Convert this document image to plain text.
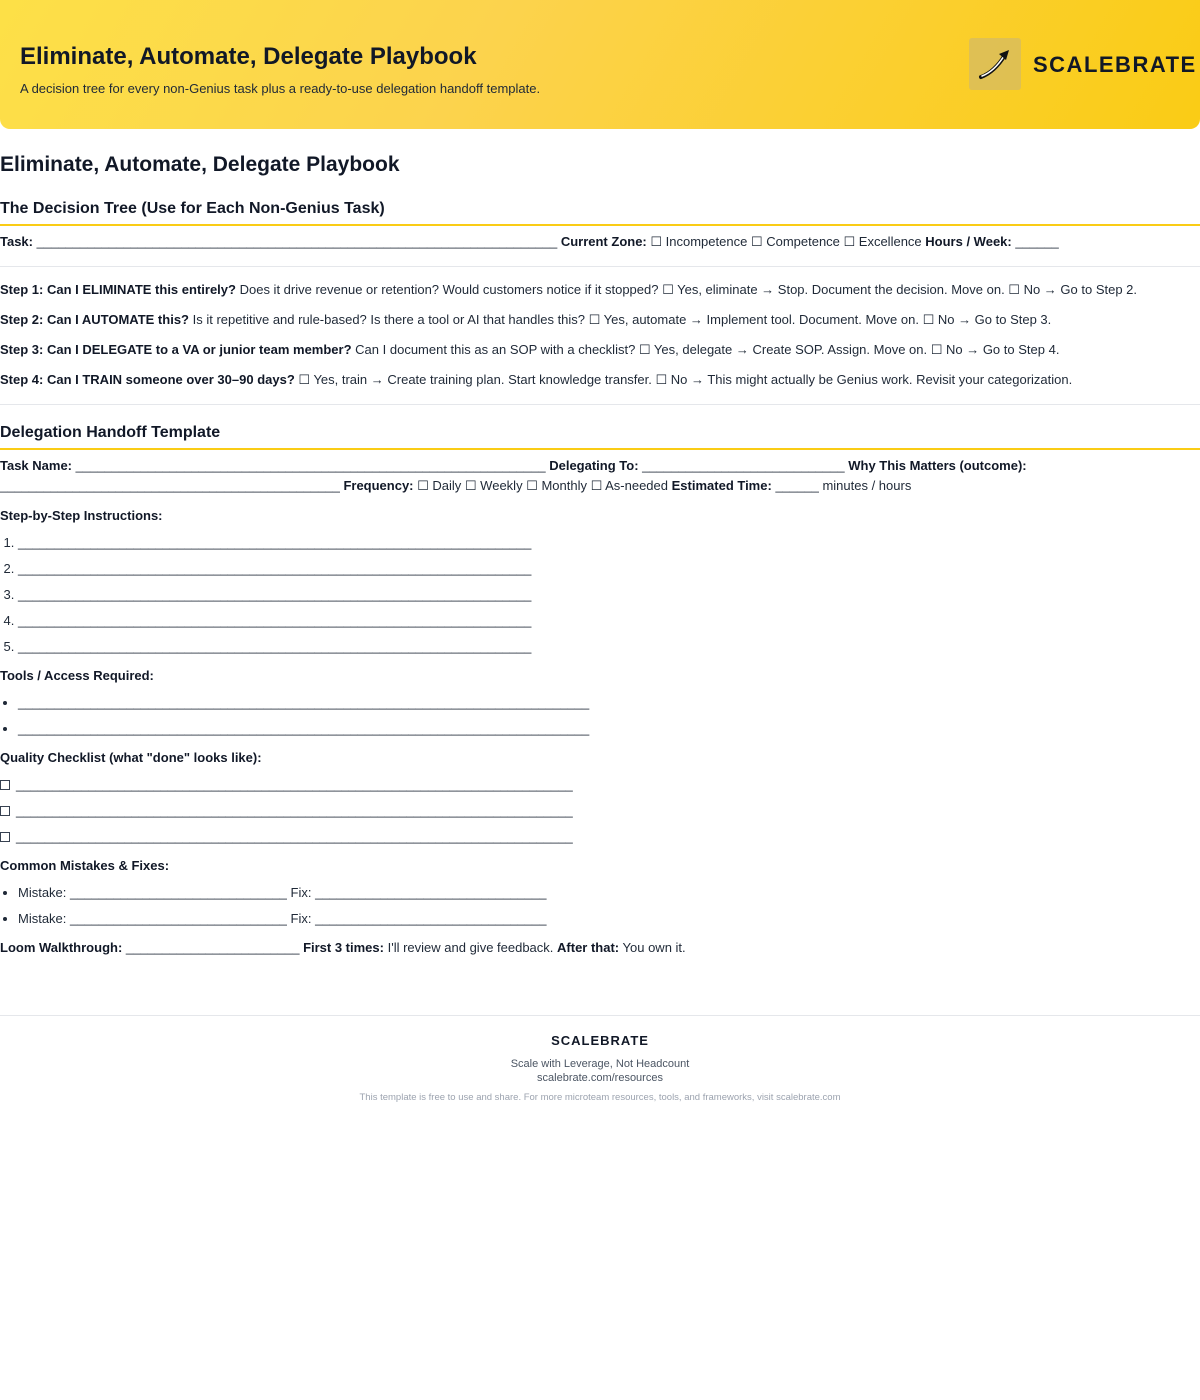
Eliminate, Automate, Delegate Playbook

A decision tree for every non-Genius task plus a ready-to-use delegation handoff template.

SCALEBRATE
Eliminate, Automate, Delegate Playbook
The Decision Tree (Use for Each Non-Genius Task)

Task: ________________________________________________________________________ Current Zone: ☐ Incompetence ☐ Competence ☐ Excellence Hours / Week: ______

Step 1: Can I ELIMINATE this entirely? Does it drive revenue or retention? Would customers notice if it stopped? ☐ Yes, eliminate → Stop. Document the decision. Move on. ☐ No → Go to Step 2.

Step 2: Can I AUTOMATE this? Is it repetitive and rule-based? Is there a tool or AI that handles this? ☐ Yes, automate → Implement tool. Document. Move on. ☐ No → Go to Step 3.

Step 3: Can I DELEGATE to a VA or junior team member? Can I document this as an SOP with a checklist? ☐ Yes, delegate → Create SOP. Assign. Move on. ☐ No → Go to Step 4.

Step 4: Can I TRAIN someone over 30–90 days? ☐ Yes, train → Create training plan. Start knowledge transfer. ☐ No → This might actually be Genius work. Revisit your categorization.

Delegation Handoff Template

Task Name: _________________________________________________________________ Delegating To: ____________________________ Why This Matters (outcome): _______________________________________________ Frequency: ☐ Daily ☐ Weekly ☐ Monthly ☐ As-needed Estimated Time: ______ minutes / hours

Step-by-Step Instructions:

1. _______________________________________________________________________
2. _______________________________________________________________________
3. _______________________________________________________________________
4. _______________________________________________________________________
5. _______________________________________________________________________

Tools / Access Required:

• _______________________________________________________________________________
• _______________________________________________________________________________

Quality Checklist (what "done" looks like):

_____________________________________________________________________________
_____________________________________________________________________________
_____________________________________________________________________________

Common Mistakes & Fixes:

• Mistake: ______________________________ Fix: ________________________________
• Mistake: ______________________________ Fix: ________________________________

Loom Walkthrough: ________________________ First 3 times: I'll review and give feedback. After that: You own it.

SCALEBRATE
Scale with Leverage, Not Headcount
scalebrate.com/resources
This template is free to use and share. For more microteam resources, tools, and frameworks, visit scalebrate.com
